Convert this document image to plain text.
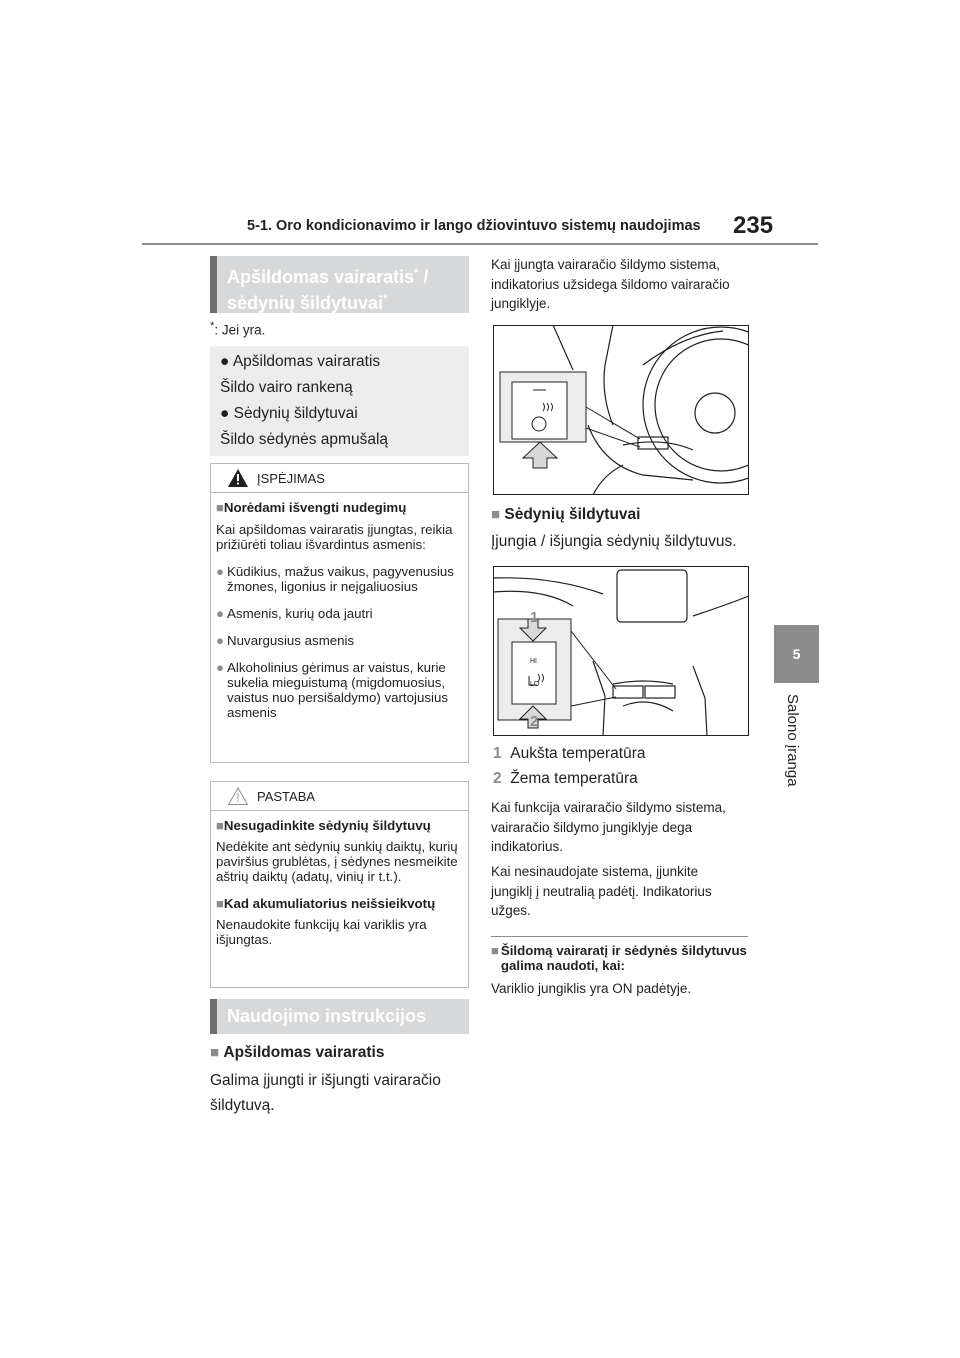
5-1. Oro kondicionavimo ir lango džiovintuvo sistemų naudojimas 235
5
Salono įranga
Apšildomas vairaratis* /
sėdynių šildytuvai*
*: Jei yra.
● Apšildomas vairaratis
Šildo vairo rankeną
● Sėdynių šildytuvai
Šildo sėdynės apmušalą
ĮSPĖJIMAS
■Norėdami išvengti nudegimų
Kai apšildomas vairaratis įjungtas, reikia prižiūrėti toliau išvardintus asmenis:
● Kūdikius, mažus vaikus, pagyvenusius žmones, ligonius ir neįgaliuosius
● Asmenis, kurių oda jautri
● Nuvargusius asmenis
● Alkoholinius gėrimus ar vaistus, kurie sukelia mieguistumą (migdomuosius, vaistus nuo persišaldymo) vartojusius asmenis
PASTABA
■Nesugadinkite sėdynių šildytuvų
Nedėkite ant sėdynių sunkių daiktų, kurių paviršius grublėtas, į sėdynes nesmeikite aštrių daiktų (adatų, vinių ir t.t.).
■ Kad akumuliatorius neišsieikvotų
Nenaudokite funkcijų kai variklis yra išjungtas.
Naudojimo instrukcijos
■ Apšildomas vairaratis
Galima įjungti ir išjungti vairaračio šildytuvą.
Kai įjungta vairaračio šildymo sistema, indikatorius užsidega šildomo vairaračio jungiklyje.
■ Sėdynių šildytuvai
Įjungia / išjungia sėdynių šildytuvus.
HI
LO
1
2
1 Aukšta temperatūra
2 Žema temperatūra
Kai funkcija vairaračio šildymo sistema, vairaračio šildymo jungiklyje dega indikatorius.
Kai nesinaudojate sistema, įjunkite jungiklį į neutralią padėtį. Indikatorius užges.
■ Šildomą vairaratį ir sėdynės šildytuvus galima naudoti, kai:
Variklio jungiklis yra ON padėtyje.
